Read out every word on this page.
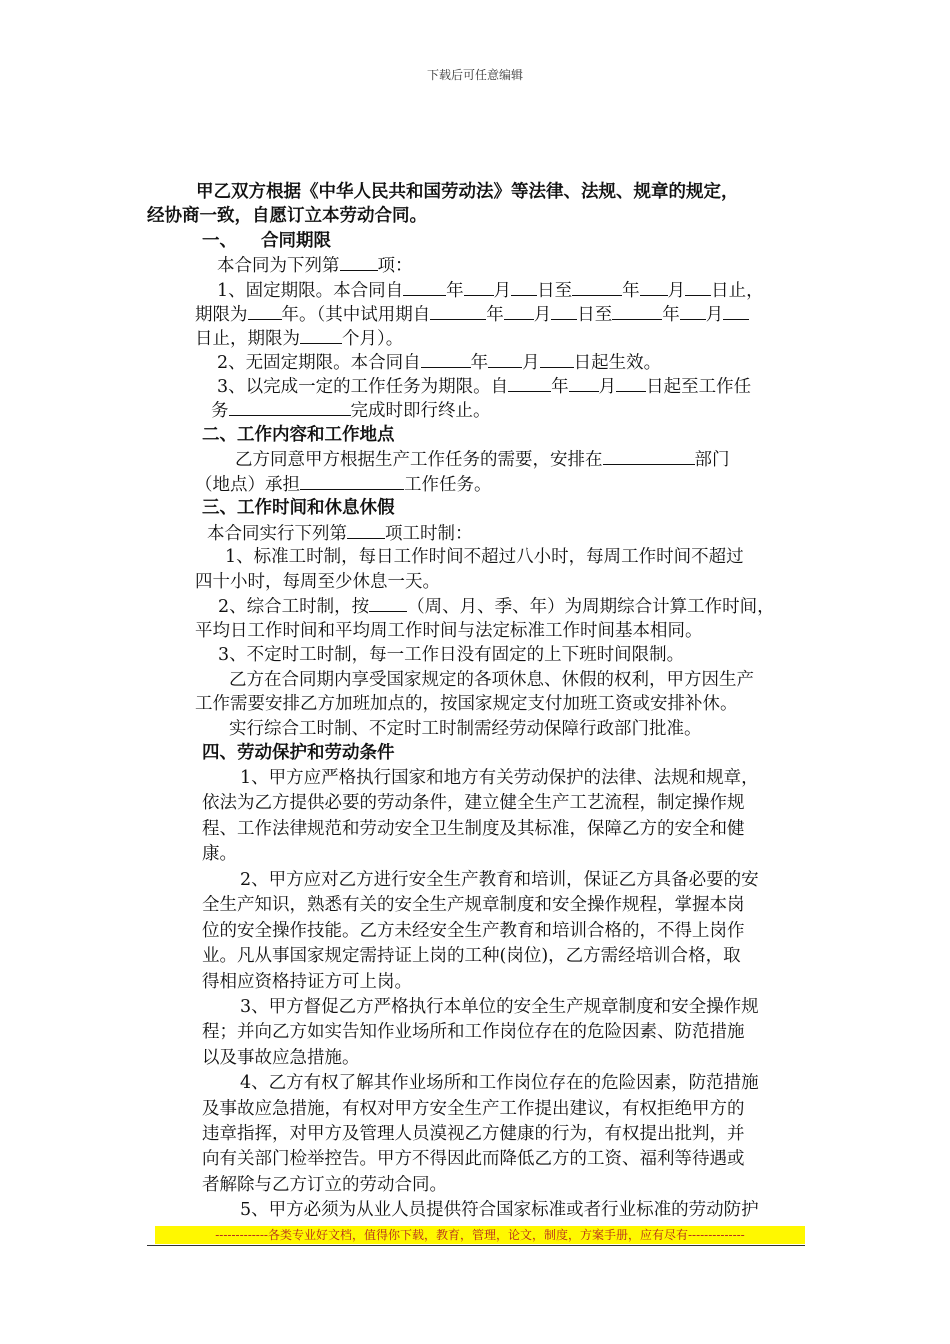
下载后可任意编辑
甲乙双方根据《中华人民共和国劳动法》等法律、法规、规章的规定，
经协商一致，自愿订立本劳动合同。
一、 合同期限
本合同为下列第 项：
1、固定期限。本合同自 年 月 日至	年 月 日止，
期限为 年。（其中试用期自	年 月 日至	年 月
日止，期限为 个月）。
2、无固定期限。本合同自	年 月 日起生效。
3、以完成一定的工作任务为期限。自 年 月 日起至工作任
务	完成时即行终止。
二、工作内容和工作地点
乙方同意甲方根据生产工作任务的需要，安排在	部门
（地点）承担	工作任务。
三、工作时间和休息休假
本合同实行下列第 项工时制：
1、标准工时制，每日工作时间不超过八小时，每周工作时间不超过
四十小时，每周至少休息一天。
2、综合工时制，按 （周、月、季、年）为周期综合计算工作时间，
平均日工作时间和平均周工作时间与法定标准工作时间基本相同。
3、不定时工时制，每一工作日没有固定的上下班时间限制。
乙方在合同期内享受国家规定的各项休息、休假的权利，甲方因生产
工作需要安排乙方加班加点的，按国家规定支付加班工资或安排补休。
实行综合工时制、不定时工时制需经劳动保障行政部门批准。
四、劳动保护和劳动条件
1、甲方应严格执行国家和地方有关劳动保护的法律、法规和规章，
依法为乙方提供必要的劳动条件，建立健全生产工艺流程，制定操作规
程、工作法律规范和劳动安全卫生制度及其标准，保障乙方的安全和健
康。
2、甲方应对乙方进行安全生产教育和培训，保证乙方具备必要的安
全生产知识，熟悉有关的安全生产规章制度和安全操作规程，掌握本岗
位的安全操作技能。乙方未经安全生产教育和培训合格的，不得上岗作
业。凡从事国家规定需持证上岗的工种(岗位)，乙方需经培训合格，取
得相应资格持证方可上岗。
3、甲方督促乙方严格执行本单位的安全生产规章制度和安全操作规
程；并向乙方如实告知作业场所和工作岗位存在的危险因素、防范措施
以及事故应急措施。
4、乙方有权了解其作业场所和工作岗位存在的危险因素，防范措施
及事故应急措施，有权对甲方安全生产工作提出建议，有权拒绝甲方的
违章指挥，对甲方及管理人员漠视乙方健康的行为，有权提出批判，并
向有关部门检举控告。甲方不得因此而降低乙方的工资、福利等待遇或
者解除与乙方订立的劳动合同。
5、甲方必须为从业人员提供符合国家标准或者行业标准的劳动防护
-------------各类专业好文档，值得你下载，教育，管理，论文，制度，方案手册，应有尽有--------------
